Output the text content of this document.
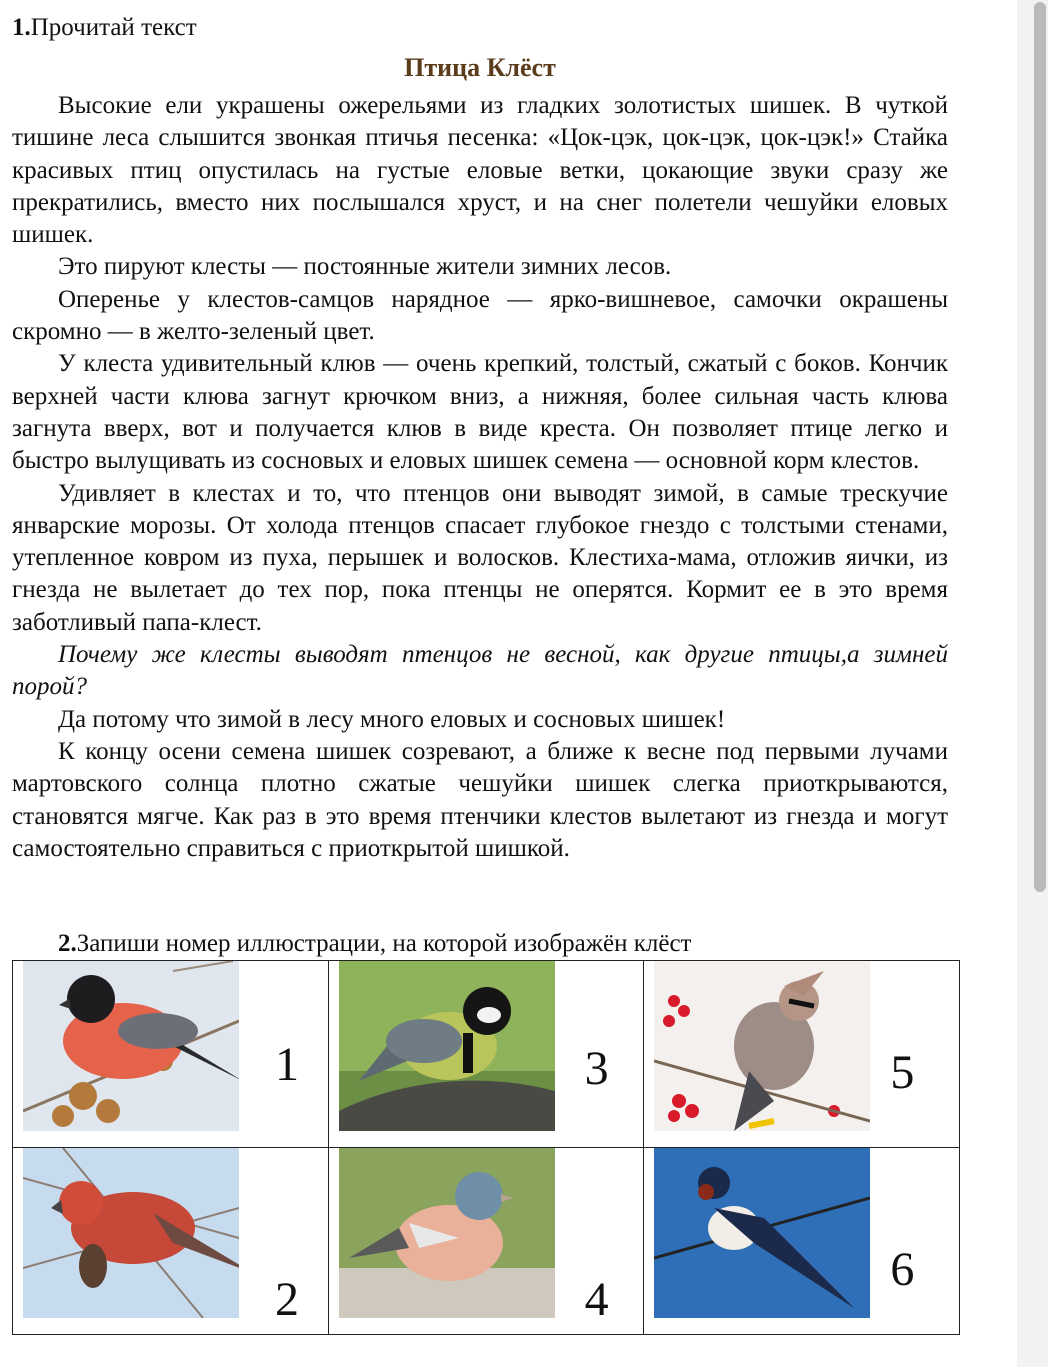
1.Прочитай текст
Птица Клёст

Высокие ели украшены ожерельями из гладких золотистых шишек. В чуткой тишине леса слышится звонкая птичья песенка: «Цок-цэк, цок-цэк, цок-цэк!» Стайка красивых птиц опустилась на густые еловые ветки, цокающие звуки сразу же прекратились, вместо них послышался хруст, и на снег полетели чешуйки еловых шишек.

Это пируют клесты — постоянные жители зимних лесов.

Оперенье у клестов-самцов нарядное — ярко-вишневое, самочки окрашены скромно — в желто-зеленый цвет.

У клеста удивительный клюв — очень крепкий, толстый, сжатый с боков. Кончик верхней части клюва загнут крючком вниз, а нижняя, более сильная часть клюва загнута вверх, вот и получается клюв в виде креста. Он позволяет птице легко и быстро вылущивать из сосновых и еловых шишек семена — основной корм клестов.

Удивляет в клестах и то, что птенцов они выводят зимой, в самые трескучие январские морозы. От холода птенцов спасает глубокое гнездо с толстыми стенами, утепленное ковром из пуха, перышек и волосков. Клестиха-мама, отложив яички, из гнезда не вылетает до тех пор, пока птенцы не оперятся. Кормит ее в это время заботливый папа-клест.

Почему же клесты выводят птенцов не весной, как другие птицы,а зимней порой?

Да потому что зимой в лесу много еловых и сосновых шишек!

К концу осени семена шишек созревают, а ближе к весне под первыми лучами мартовского солнца плотно сжатые чешуйки шишек слегка приоткрываются, становятся мягче. Как раз в это время птенчики клестов вылетают из гнезда и могут самостоятельно справиться с приоткрытой шишкой.

2.Запиши номер иллюстрации, на которой изображён клёст
1	3	5

2	4	6
